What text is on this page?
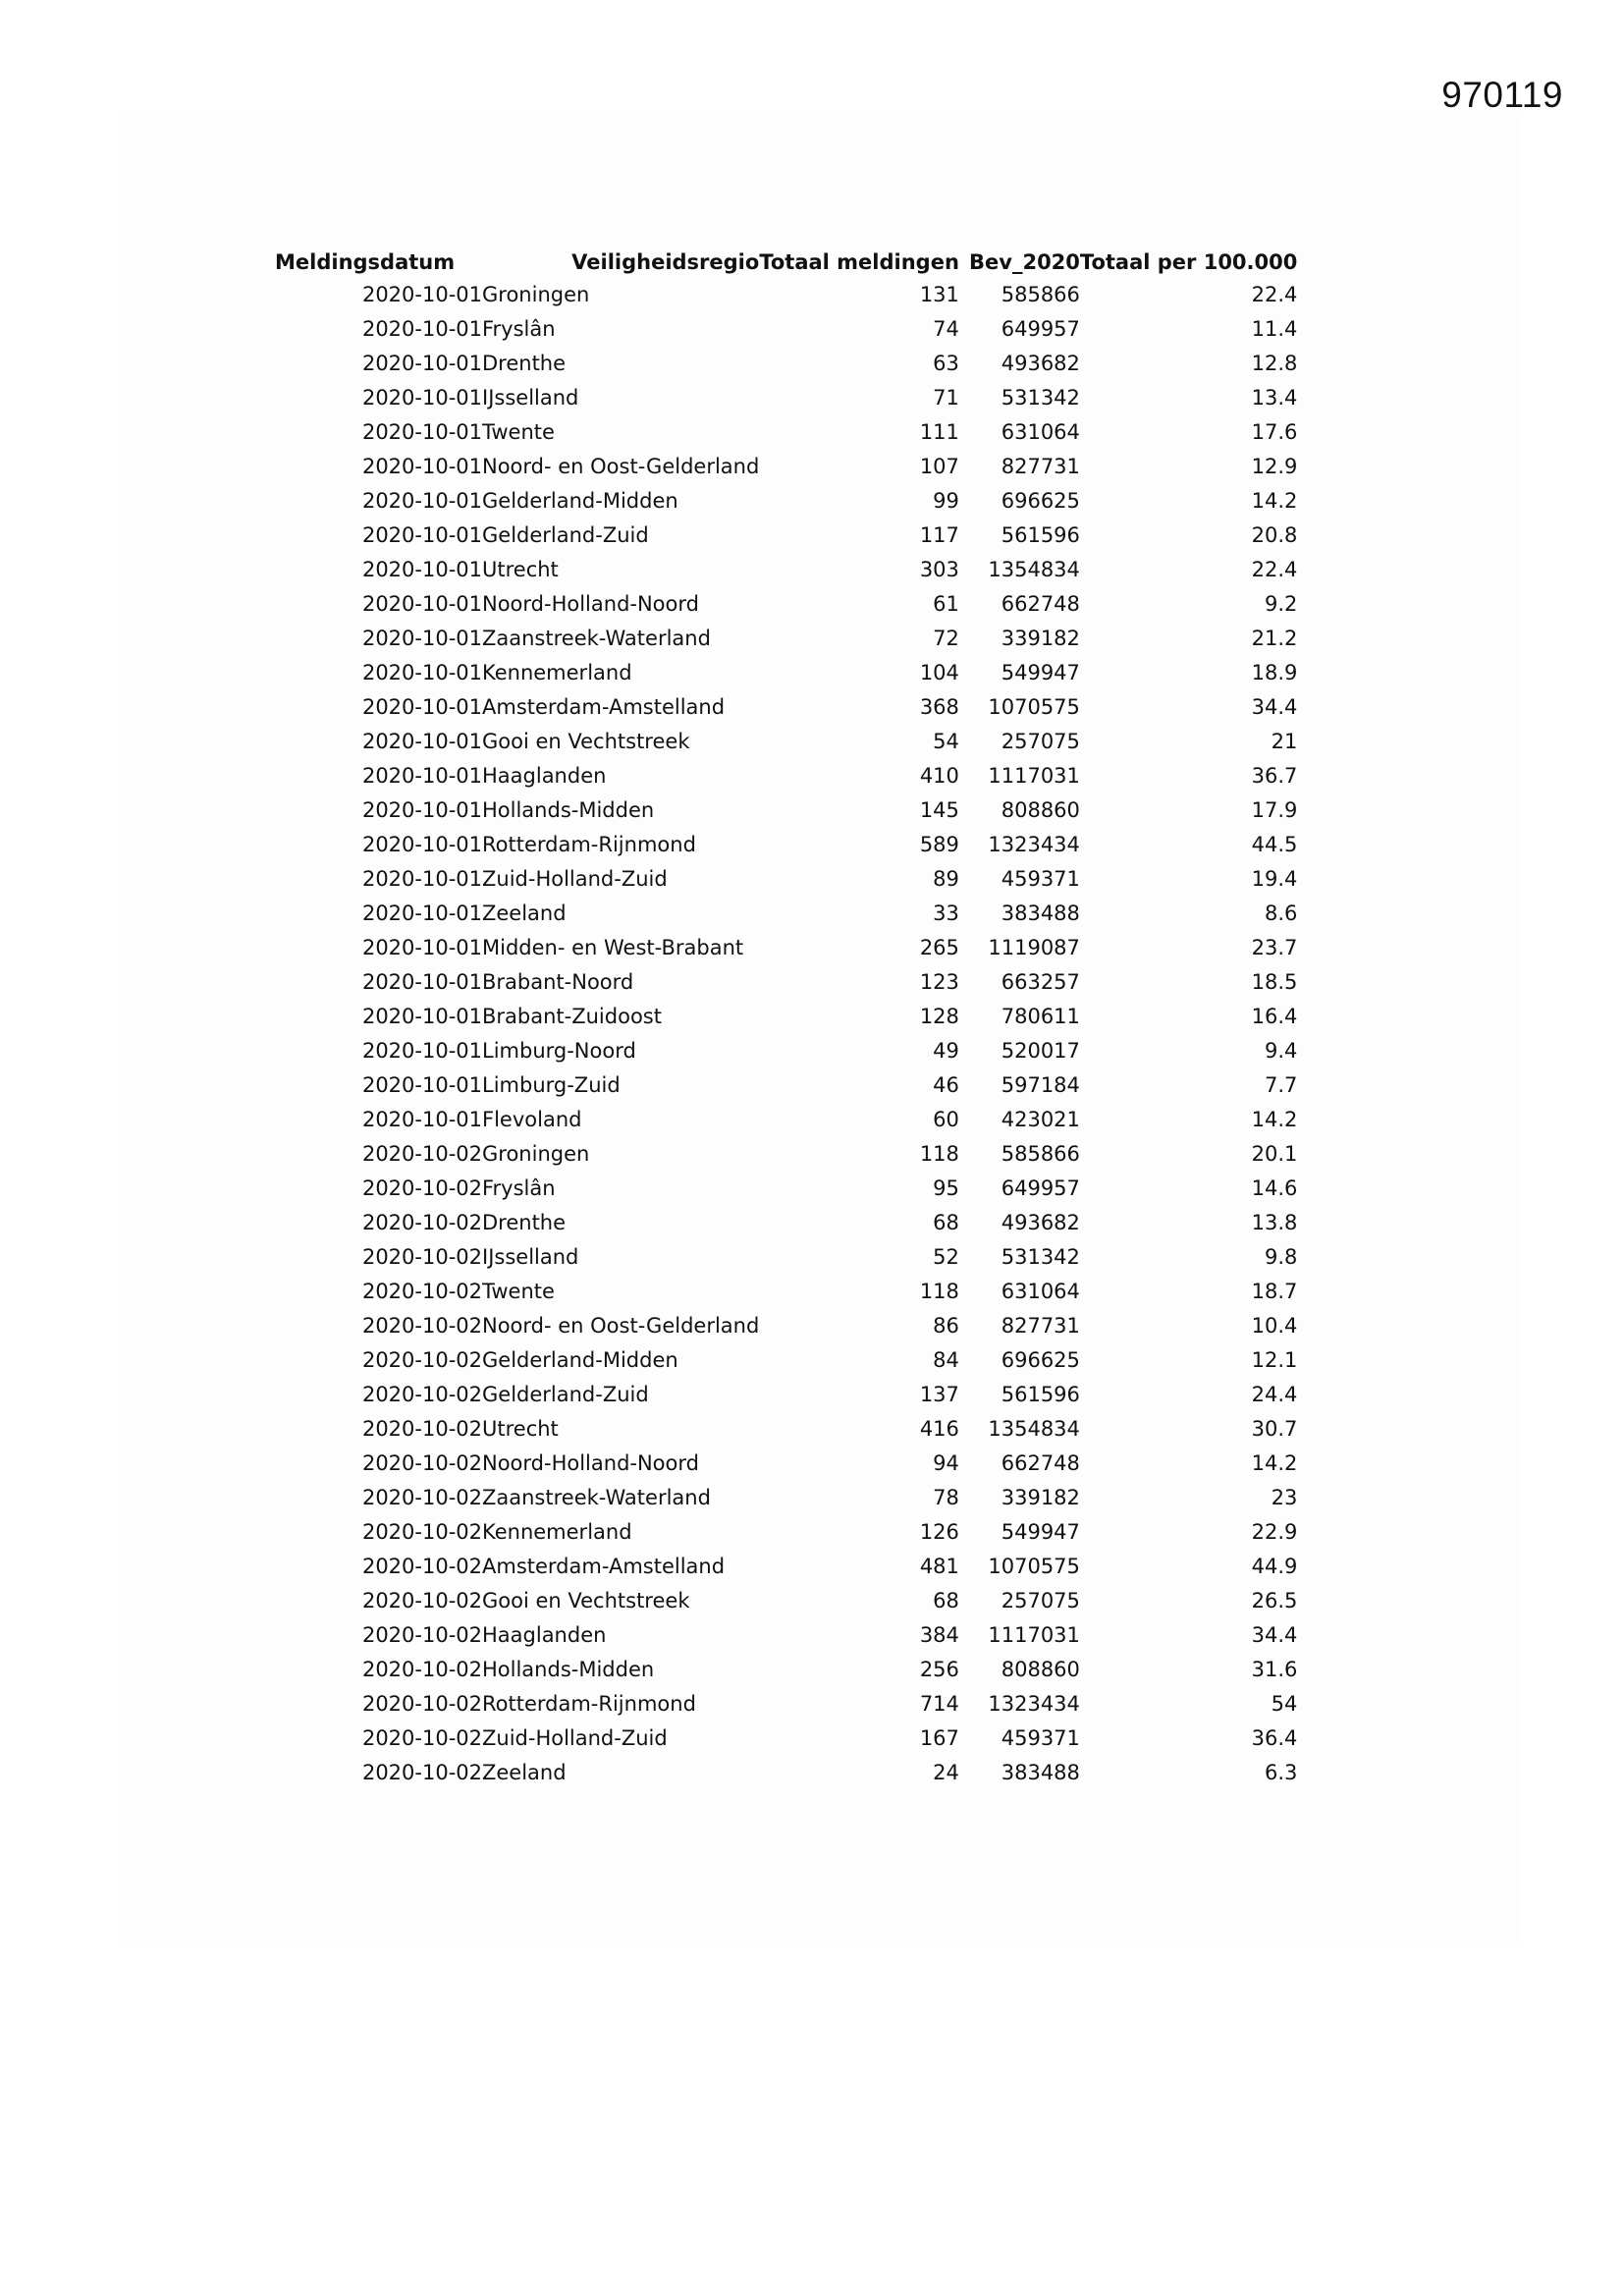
970119
Meldingsdatum	Veiligheidsregio	Totaal meldingen	Bev_2020	Totaal per 100.000
2020-10-01	Groningen	131	585866	22.4
2020-10-01	Fryslân	74	649957	11.4
2020-10-01	Drenthe	63	493682	12.8
2020-10-01	IJsselland	71	531342	13.4
2020-10-01	Twente	111	631064	17.6
2020-10-01	Noord- en Oost-Gelderland	107	827731	12.9
2020-10-01	Gelderland-Midden	99	696625	14.2
2020-10-01	Gelderland-Zuid	117	561596	20.8
2020-10-01	Utrecht	303	1354834	22.4
2020-10-01	Noord-Holland-Noord	61	662748	9.2
2020-10-01	Zaanstreek-Waterland	72	339182	21.2
2020-10-01	Kennemerland	104	549947	18.9
2020-10-01	Amsterdam-Amstelland	368	1070575	34.4
2020-10-01	Gooi en Vechtstreek	54	257075	21
2020-10-01	Haaglanden	410	1117031	36.7
2020-10-01	Hollands-Midden	145	808860	17.9
2020-10-01	Rotterdam-Rijnmond	589	1323434	44.5
2020-10-01	Zuid-Holland-Zuid	89	459371	19.4
2020-10-01	Zeeland	33	383488	8.6
2020-10-01	Midden- en West-Brabant	265	1119087	23.7
2020-10-01	Brabant-Noord	123	663257	18.5
2020-10-01	Brabant-Zuidoost	128	780611	16.4
2020-10-01	Limburg-Noord	49	520017	9.4
2020-10-01	Limburg-Zuid	46	597184	7.7
2020-10-01	Flevoland	60	423021	14.2
2020-10-02	Groningen	118	585866	20.1
2020-10-02	Fryslân	95	649957	14.6
2020-10-02	Drenthe	68	493682	13.8
2020-10-02	IJsselland	52	531342	9.8
2020-10-02	Twente	118	631064	18.7
2020-10-02	Noord- en Oost-Gelderland	86	827731	10.4
2020-10-02	Gelderland-Midden	84	696625	12.1
2020-10-02	Gelderland-Zuid	137	561596	24.4
2020-10-02	Utrecht	416	1354834	30.7
2020-10-02	Noord-Holland-Noord	94	662748	14.2
2020-10-02	Zaanstreek-Waterland	78	339182	23
2020-10-02	Kennemerland	126	549947	22.9
2020-10-02	Amsterdam-Amstelland	481	1070575	44.9
2020-10-02	Gooi en Vechtstreek	68	257075	26.5
2020-10-02	Haaglanden	384	1117031	34.4
2020-10-02	Hollands-Midden	256	808860	31.6
2020-10-02	Rotterdam-Rijnmond	714	1323434	54
2020-10-02	Zuid-Holland-Zuid	167	459371	36.4
2020-10-02	Zeeland	24	383488	6.3
